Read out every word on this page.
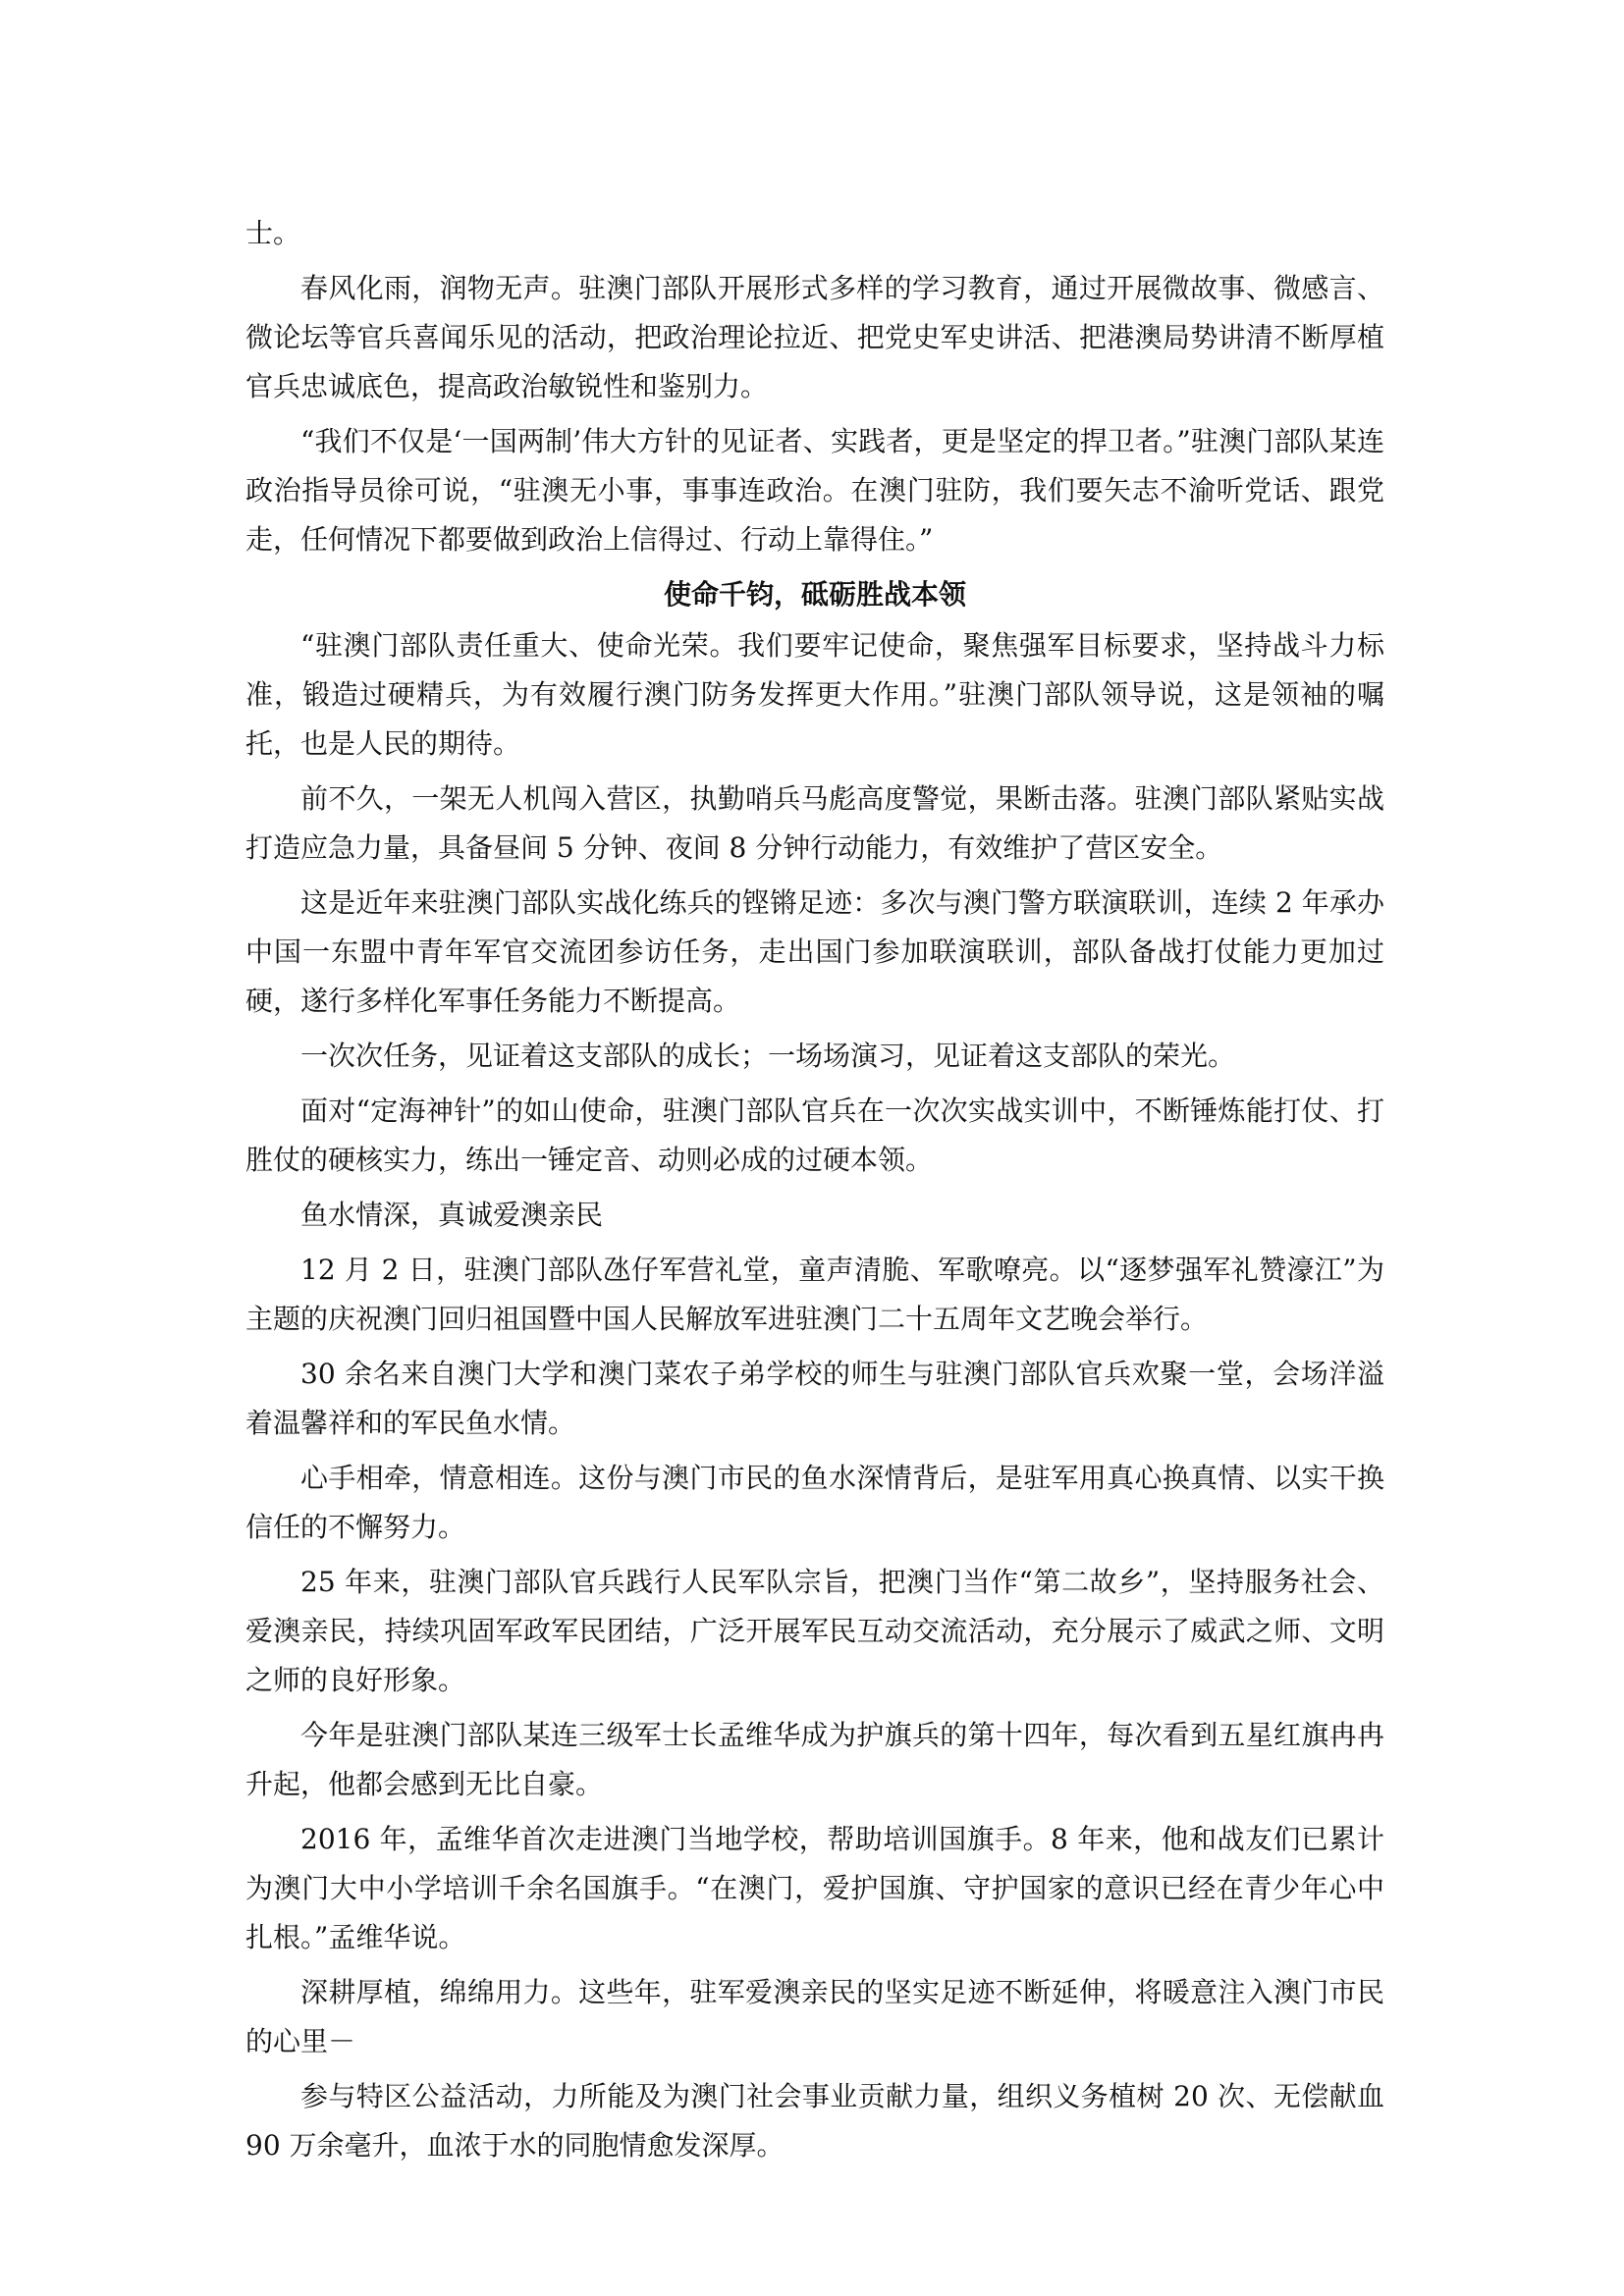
士。

春风化雨，润物无声。驻澳门部队开展形式多样的学习教育，通过开展微故事、微感言、微论坛等官兵喜闻乐见的活动，把政治理论拉近、把党史军史讲活、把港澳局势讲清不断厚植官兵忠诚底色，提高政治敏锐性和鉴别力。

“我们不仅是‘一国两制’伟大方针的见证者、实践者，更是坚定的捍卫者。”驻澳门部队某连政治指导员徐可说，“驻澳无小事，事事连政治。在澳门驻防，我们要矢志不渝听党话、跟党走，任何情况下都要做到政治上信得过、行动上靠得住。”

使命千钧，砥砺胜战本领

“驻澳门部队责任重大、使命光荣。我们要牢记使命，聚焦强军目标要求，坚持战斗力标准，锻造过硬精兵，为有效履行澳门防务发挥更大作用。”驻澳门部队领导说，这是领袖的嘱托，也是人民的期待。

前不久，一架无人机闯入营区，执勤哨兵马彪高度警觉，果断击落。驻澳门部队紧贴实战打造应急力量，具备昼间 5 分钟、夜间 8 分钟行动能力，有效维护了营区安全。

这是近年来驻澳门部队实战化练兵的铿锵足迹：多次与澳门警方联演联训，连续 2 年承办中国一东盟中青年军官交流团参访任务，走出国门参加联演联训，部队备战打仗能力更加过硬，遂行多样化军事任务能力不断提高。

一次次任务，见证着这支部队的成长；一场场演习，见证着这支部队的荣光。

面对“定海神针”的如山使命，驻澳门部队官兵在一次次实战实训中，不断锤炼能打仗、打胜仗的硬核实力，练出一锤定音、动则必成的过硬本领。

鱼水情深，真诚爱澳亲民

12 月 2 日，驻澳门部队氹仔军营礼堂，童声清脆、军歌嘹亮。以“逐梦强军礼赞濠江”为主题的庆祝澳门回归祖国暨中国人民解放军进驻澳门二十五周年文艺晚会举行。

30 余名来自澳门大学和澳门菜农子弟学校的师生与驻澳门部队官兵欢聚一堂，会场洋溢着温馨祥和的军民鱼水情。

心手相牵，情意相连。这份与澳门市民的鱼水深情背后，是驻军用真心换真情、以实干换信任的不懈努力。

25 年来，驻澳门部队官兵践行人民军队宗旨，把澳门当作“第二故乡”，坚持服务社会、爱澳亲民，持续巩固军政军民团结，广泛开展军民互动交流活动，充分展示了威武之师、文明之师的良好形象。

今年是驻澳门部队某连三级军士长孟维华成为护旗兵的第十四年，每次看到五星红旗冉冉升起，他都会感到无比自豪。

2016 年，孟维华首次走进澳门当地学校，帮助培训国旗手。8 年来，他和战友们已累计为澳门大中小学培训千余名国旗手。“在澳门，爱护国旗、守护国家的意识已经在青少年心中扎根。”孟维华说。

深耕厚植，绵绵用力。这些年，驻军爱澳亲民的坚实足迹不断延伸，将暖意注入澳门市民的心里－

参与特区公益活动，力所能及为澳门社会事业贡献力量，组织义务植树 20 次、无偿献血 90 万余毫升，血浓于水的同胞情愈发深厚。
